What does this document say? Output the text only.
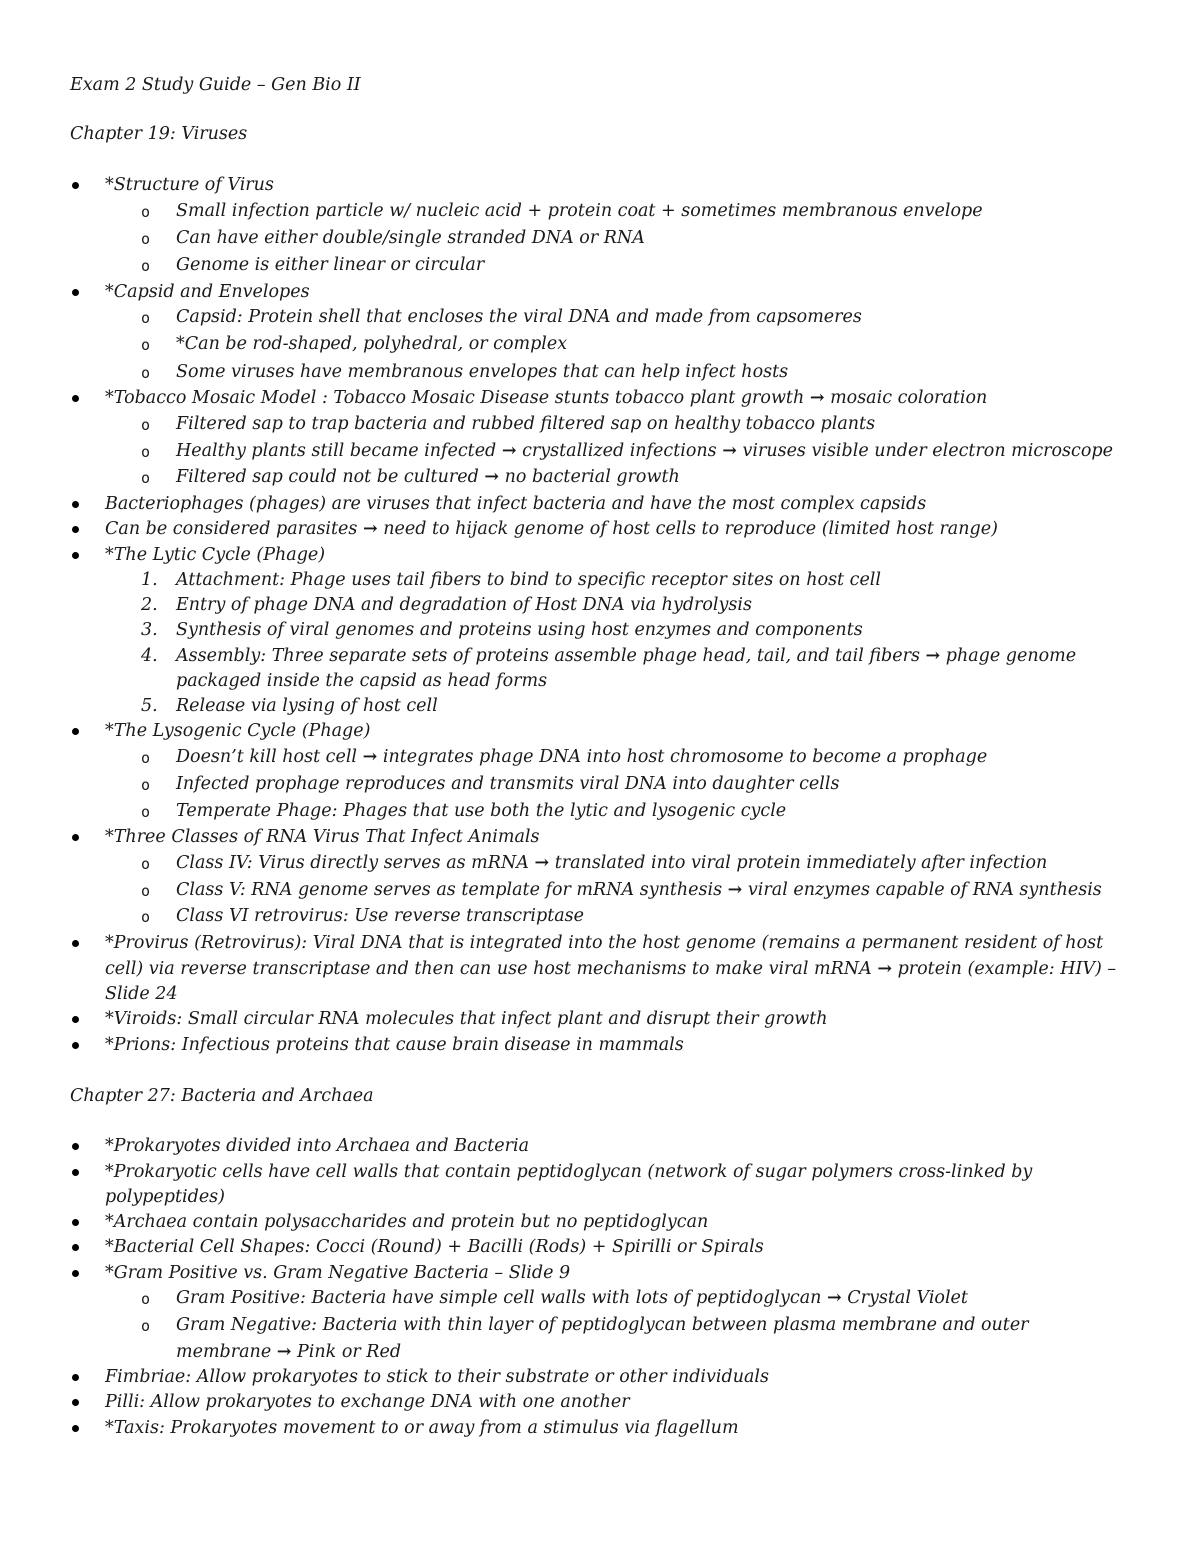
Exam 2 Study Guide – Gen Bio II
Chapter 19: Viruses
*Structure of Virus
o Small infection particle w/ nucleic acid + protein coat + sometimes membranous envelope
o Can have either double/single stranded DNA or RNA
o Genome is either linear or circular
*Capsid and Envelopes
o Capsid: Protein shell that encloses the viral DNA and made from capsomeres
o *Can be rod-shaped, polyhedral, or complex
o Some viruses have membranous envelopes that can help infect hosts
*Tobacco Mosaic Model : Tobacco Mosaic Disease stunts tobacco plant growth → mosaic coloration
o Filtered sap to trap bacteria and rubbed filtered sap on healthy tobacco plants
o Healthy plants still became infected → crystallized infections → viruses visible under electron microscope
o Filtered sap could not be cultured → no bacterial growth
Bacteriophages (phages) are viruses that infect bacteria and have the most complex capsids
Can be considered parasites → need to hijack genome of host cells to reproduce (limited host range)
*The Lytic Cycle (Phage)
1. Attachment: Phage uses tail fibers to bind to specific receptor sites on host cell
2. Entry of phage DNA and degradation of Host DNA via hydrolysis
3. Synthesis of viral genomes and proteins using host enzymes and components
4. Assembly: Three separate sets of proteins assemble phage head, tail, and tail fibers → phage genome
packaged inside the capsid as head forms
5. Release via lysing of host cell
*The Lysogenic Cycle (Phage)
o Doesn’t kill host cell → integrates phage DNA into host chromosome to become a prophage
o Infected prophage reproduces and transmits viral DNA into daughter cells
o Temperate Phage: Phages that use both the lytic and lysogenic cycle
*Three Classes of RNA Virus That Infect Animals
o Class IV: Virus directly serves as mRNA → translated into viral protein immediately after infection
o Class V: RNA genome serves as template for mRNA synthesis → viral enzymes capable of RNA synthesis
o Class VI retrovirus: Use reverse transcriptase
*Provirus (Retrovirus): Viral DNA that is integrated into the host genome (remains a permanent resident of host
cell) via reverse transcriptase and then can use host mechanisms to make viral mRNA → protein (example: HIV) –
Slide 24
*Viroids: Small circular RNA molecules that infect plant and disrupt their growth
*Prions: Infectious proteins that cause brain disease in mammals
Chapter 27: Bacteria and Archaea
*Prokaryotes divided into Archaea and Bacteria
*Prokaryotic cells have cell walls that contain peptidoglycan (network of sugar polymers cross-linked by
polypeptides)
*Archaea contain polysaccharides and protein but no peptidoglycan
*Bacterial Cell Shapes: Cocci (Round) + Bacilli (Rods) + Spirilli or Spirals
*Gram Positive vs. Gram Negative Bacteria – Slide 9
o Gram Positive: Bacteria have simple cell walls with lots of peptidoglycan → Crystal Violet
o Gram Negative: Bacteria with thin layer of peptidoglycan between plasma membrane and outer
membrane → Pink or Red
Fimbriae: Allow prokaryotes to stick to their substrate or other individuals
Pilli: Allow prokaryotes to exchange DNA with one another
*Taxis: Prokaryotes movement to or away from a stimulus via flagellum
